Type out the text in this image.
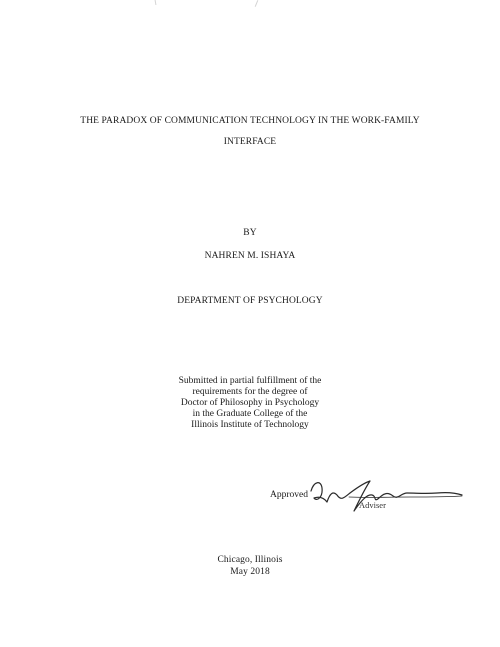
THE PARADOX OF COMMUNICATION TECHNOLOGY IN THE WORK-FAMILY
INTERFACE
BY
NAHREN M. ISHAYA
DEPARTMENT OF PSYCHOLOGY
Submitted in partial fulfillment of the
requirements for the degree of
Doctor of Philosophy in Psychology
in the Graduate College of the
Illinois Institute of Technology
Approved
Adviser
Chicago, Illinois
May 2018
